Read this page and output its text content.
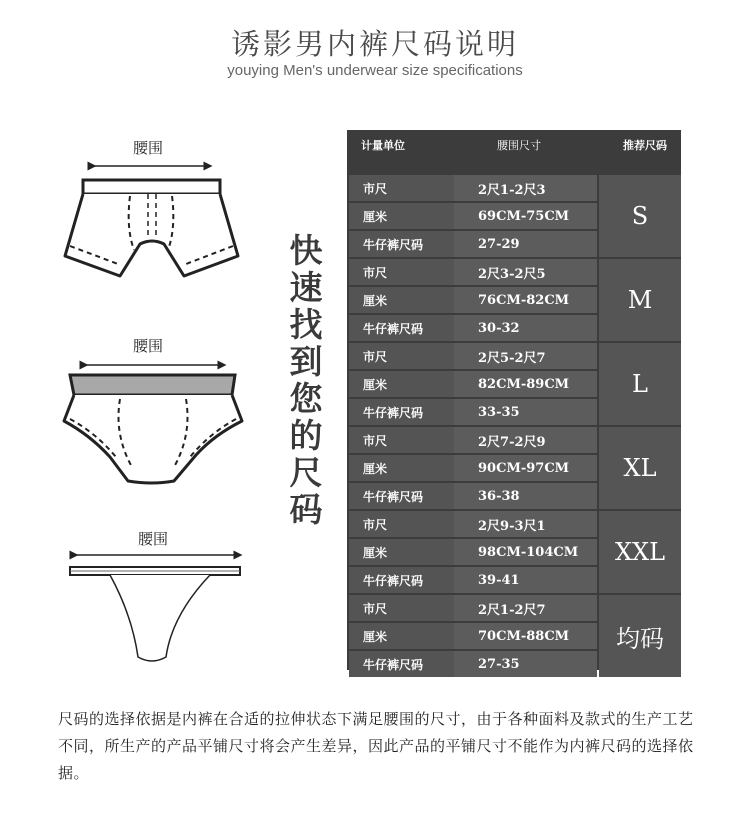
诱影男内裤尺码说明
youying Men's underwear size specifications
腰围
腰围
腰围
快
速
找
到
您
的
尺
码
计量单位	腰围尺寸	推荐尺码
市尺	2尺1-2尺3
厘米	69CM-75CM
牛仔裤尺码	27-29
S
市尺	2尺3-2尺5
厘米	76CM-82CM
牛仔裤尺码	30-32
M
市尺	2尺5-2尺7
厘米	82CM-89CM
牛仔裤尺码	33-35
L
市尺	2尺7-2尺9
厘米	90CM-97CM
牛仔裤尺码	36-38
XL
市尺	2尺9-3尺1
厘米	98CM-104CM
牛仔裤尺码	39-41
XXL
市尺	2尺1-2尺7
厘米	70CM-88CM
牛仔裤尺码	27-35
均码
尺码的选择依据是内裤在合适的拉伸状态下满足腰围的尺寸，由于各种面料及款式的生产工艺不同，所生产的产品平铺尺寸将会产生差异，因此产品的平铺尺寸不能作为内裤尺码的选择依据。
